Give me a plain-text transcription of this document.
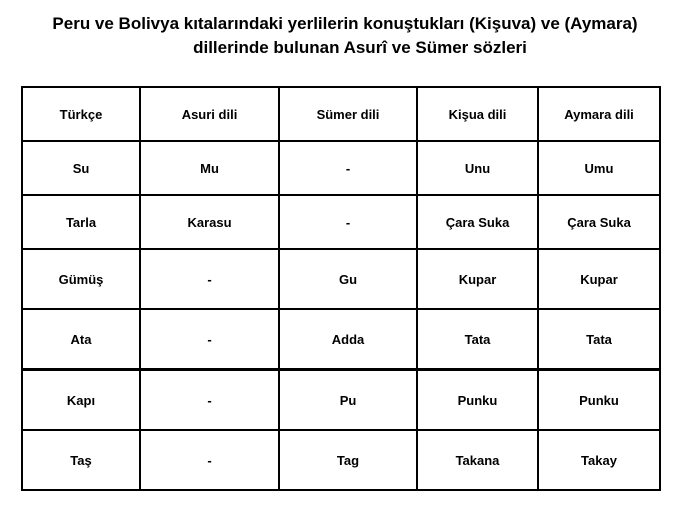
Peru ve Bolivya kıtalarındaki yerlilerin konuştukları (Kişuva) ve (Aymara)
dillerinde bulunan Asurî ve Sümer sözleri
Türkçe	Asuri dili	Sümer dili	Kişua dili	Aymara dili
Su	Mu	-	Unu	Umu
Tarla	Karasu	-	Çara Suka	Çara Suka
Gümüş	-	Gu	Kupar	Kupar
Ata	-	Adda	Tata	Tata
Kapı	-	Pu	Punku	Punku
Taş	-	Tag	Takana	Takay
